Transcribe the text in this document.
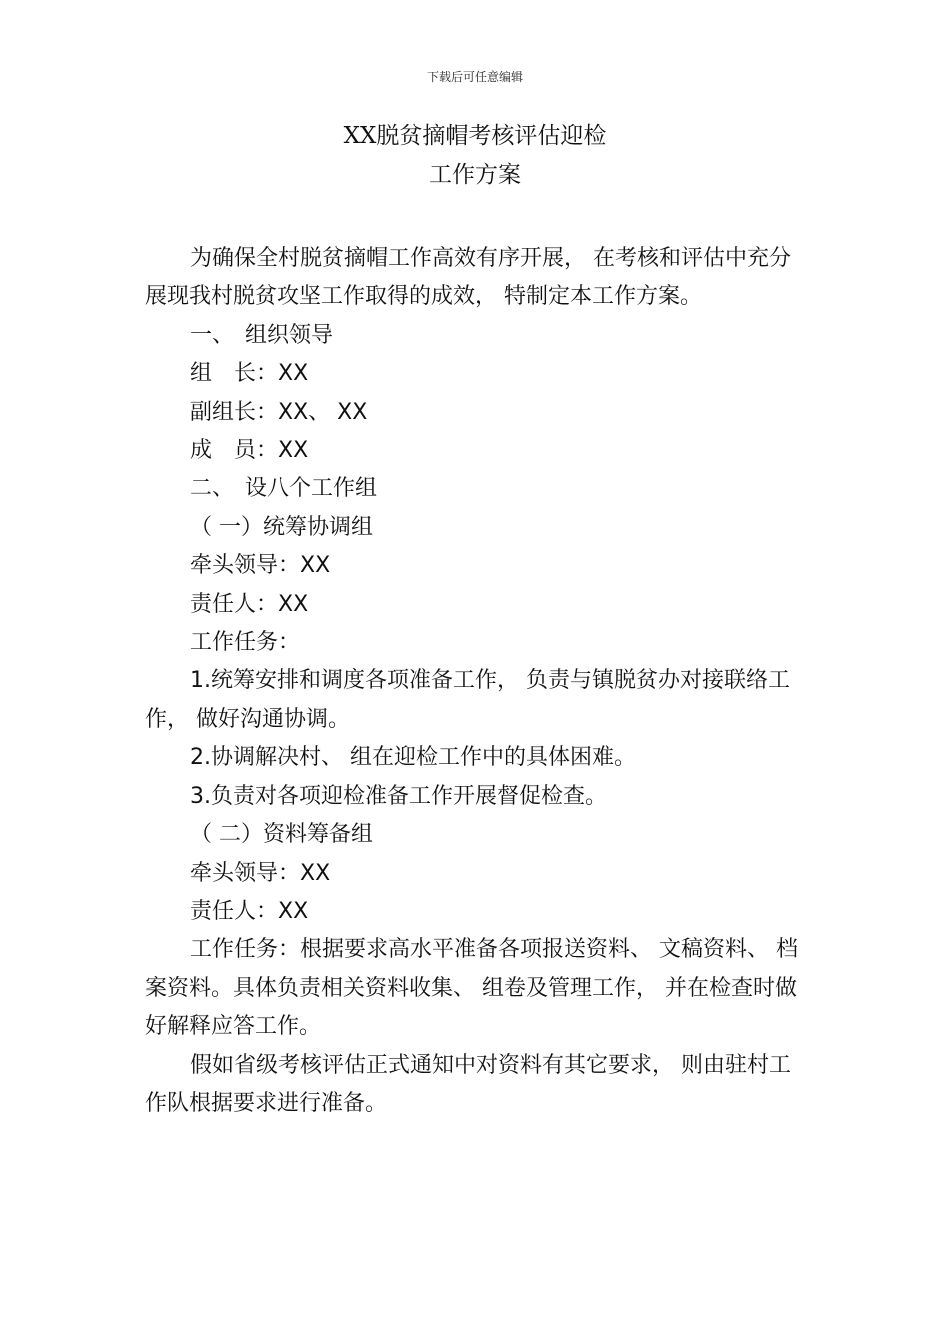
下载后可任意编辑
XX脱贫摘帽考核评估迎检
工作方案

为确保全村脱贫摘帽工作高效有序开展， 在考核和评估中充分展现我村脱贫攻坚工作取得的成效， 特制定本工作方案。

一、　组织领导

组　长：XX

副组长：XX、 XX

成　员：XX

二、　设八个工作组

（ 一）统筹协调组

牵头领导：XX

责任人：XX

工作任务：

1.统筹安排和调度各项准备工作， 负责与镇脱贫办对接联络工作， 做好沟通协调。

2.协调解决村、 组在迎检工作中的具体困难。

3.负责对各项迎检准备工作开展督促检查。

（ 二）资料筹备组

牵头领导：XX

责任人：XX

工作任务：根据要求高水平准备各项报送资料、 文稿资料、 档案资料。具体负责相关资料收集、 组卷及管理工作， 并在检查时做好解释应答工作。

假如省级考核评估正式通知中对资料有其它要求， 则由驻村工作队根据要求进行准备。
